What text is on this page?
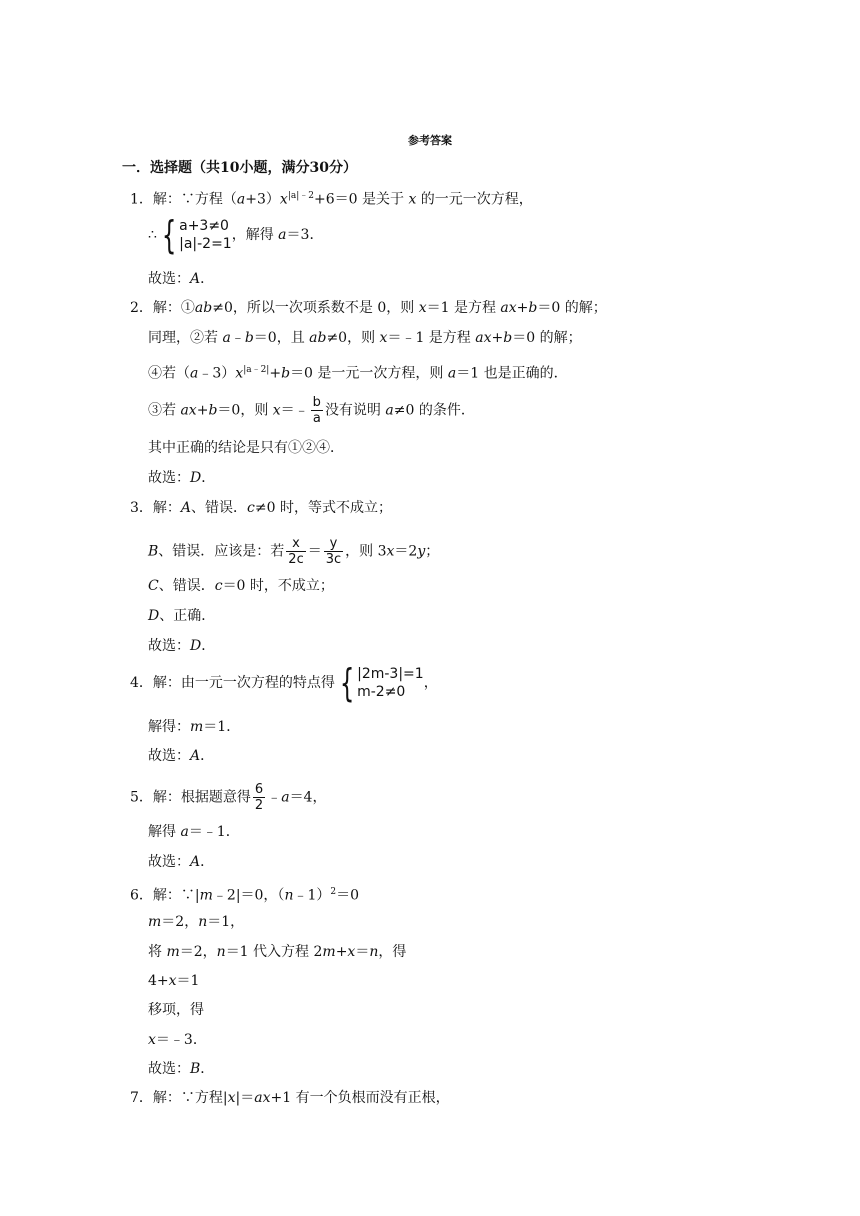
参考答案
一．选择题（共10小题，满分30分）
1．解：∵方程$(a+3)x^{|a|﹣2}+6=0$ 是关于 x 的一元一次方程，
∴ { a+3≠0
|a|-2=1
，解得 a＝3．
故选：A．
2．解：①ab≠0，所以一次项系数不是 0，则 x＝1 是方程 ax+b＝0 的解；
同理，②若 a﹣b＝0，且 ab≠0，则 x＝﹣1 是方程 ax+b＝0 的解；
④若$(a﹣3)x^{|a﹣2|}+b=0$ 是一元一次方程，则 a＝1 也是正确的．
③若 ax+b＝0，则 x＝﹣ $\frac{b}{a}$ 没有说明 a≠0 的条件．
其中正确的结论是只有①②④．
故选：D．
3．解：A、错误．c≠0 时，等式不成立；
B、错误．应该是：若 $\frac{x}{2c} = \frac{y}{3c}$ ，则 3x＝2y；
C、错误．c＝0 时，不成立；
D、正确．
故选：D．
4．解：由一元一次方程的特点得 { |2m-3|=1
m-2≠0
，
解得：m＝1．
故选：A．
5．解：根据题意得 $\frac{6}{2}$ ﹣a＝4，
解得 a＝﹣1．
故选：A．
6．解：∵|m﹣2|＝0，（n﹣1）$^2$＝0
m＝2，n＝1，
将 m＝2，n＝1 代入方程 2m+x＝n，得
4+x＝1
移项，得
x＝﹣3．
故选：B．
7．解：∵方程|x|＝ax+1 有一个负根而没有正根，
